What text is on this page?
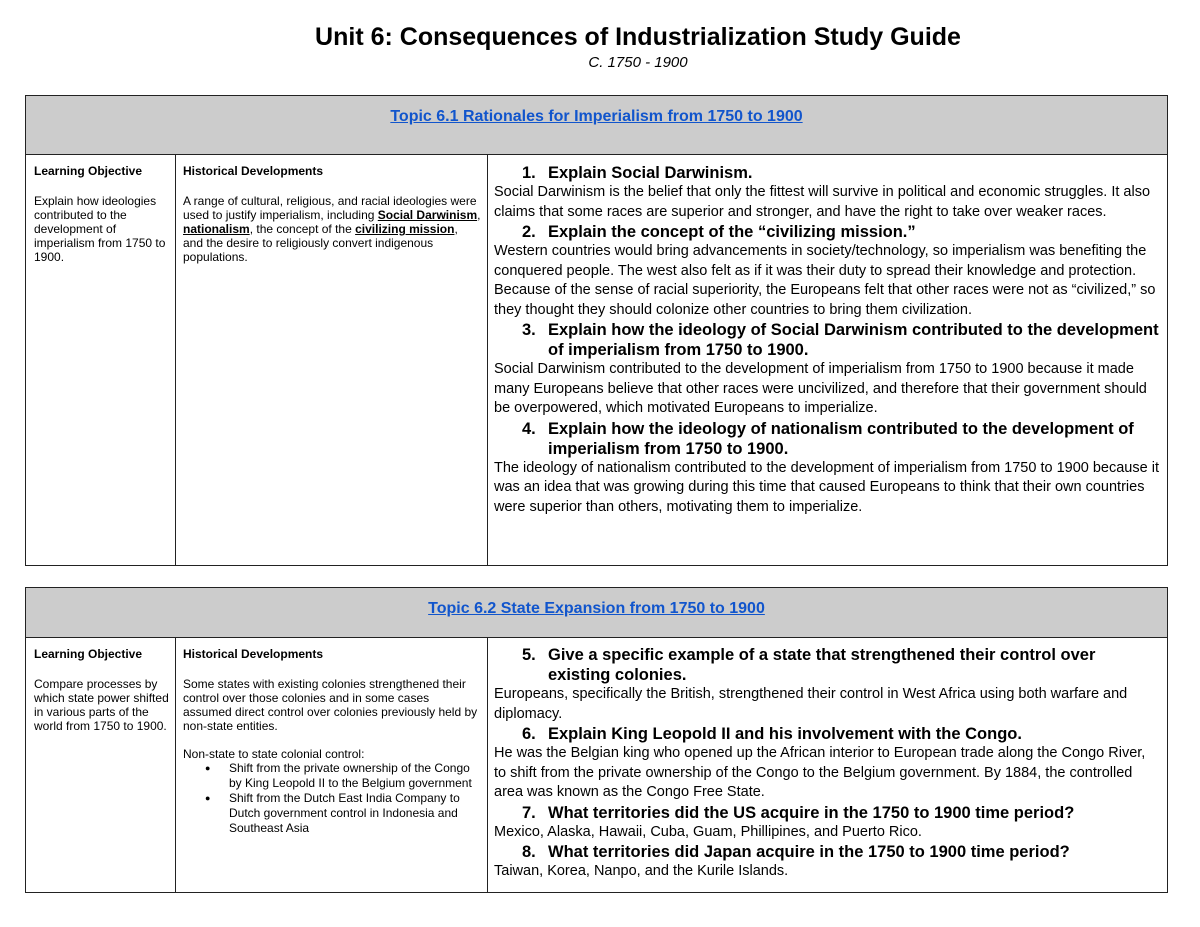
Unit 6: Consequences of Industrialization Study Guide
C. 1750 - 1900
Topic 6.1 Rationales for Imperialism from 1750 to 1900
Learning Objective
Explain how ideologies contributed to the development of imperialism from 1750 to 1900.
Historical Developments
A range of cultural, religious, and racial ideologies were used to justify imperialism, including Social Darwinism, nationalism, the concept of the civilizing mission, and the desire to religiously convert indigenous populations.
1. Explain Social Darwinism.
Social Darwinism is the belief that only the fittest will survive in political and economic struggles. It also claims that some races are superior and stronger, and have the right to take over weaker races.
2. Explain the concept of the “civilizing mission.”
Western countries would bring advancements in society/technology, so imperialism was benefiting the conquered people. The west also felt as if it was their duty to spread their knowledge and protection. Because of the sense of racial superiority, the Europeans felt that other races were not as “civilized,” so they thought they should colonize other countries to bring them civilization.
3. Explain how the ideology of Social Darwinism contributed to the development of imperialism from 1750 to 1900.
Social Darwinism contributed to the development of imperialism from 1750 to 1900 because it made many Europeans believe that other races were uncivilized, and therefore that their government should be overpowered, which motivated Europeans to imperialize.
4. Explain how the ideology of nationalism contributed to the development of imperialism from 1750 to 1900.
The ideology of nationalism contributed to the development of imperialism from 1750 to 1900 because it was an idea that was growing during this time that caused Europeans to think that their own countries were superior than others, motivating them to imperialize.
Topic 6.2 State Expansion from 1750 to 1900
Learning Objective
Compare processes by which state power shifted in various parts of the world from 1750 to 1900.
Historical Developments
Some states with existing colonies strengthened their control over those colonies and in some cases assumed direct control over colonies previously held by non-state entities.
Non-state to state colonial control:
● Shift from the private ownership of the Congo by King Leopold II to the Belgium government
● Shift from the Dutch East India Company to Dutch government control in Indonesia and Southeast Asia
5. Give a specific example of a state that strengthened their control over existing colonies.
Europeans, specifically the British, strengthened their control in West Africa using both warfare and diplomacy.
6. Explain King Leopold II and his involvement with the Congo.
He was the Belgian king who opened up the African interior to European trade along the Congo River, to shift from the private ownership of the Congo to the Belgium government. By 1884, the controlled area was known as the Congo Free State.
7. What territories did the US acquire in the 1750 to 1900 time period?
Mexico, Alaska, Hawaii, Cuba, Guam, Phillipines, and Puerto Rico.
8. What territories did Japan acquire in the 1750 to 1900 time period?
Taiwan, Korea, Nanpo, and the Kurile Islands.
